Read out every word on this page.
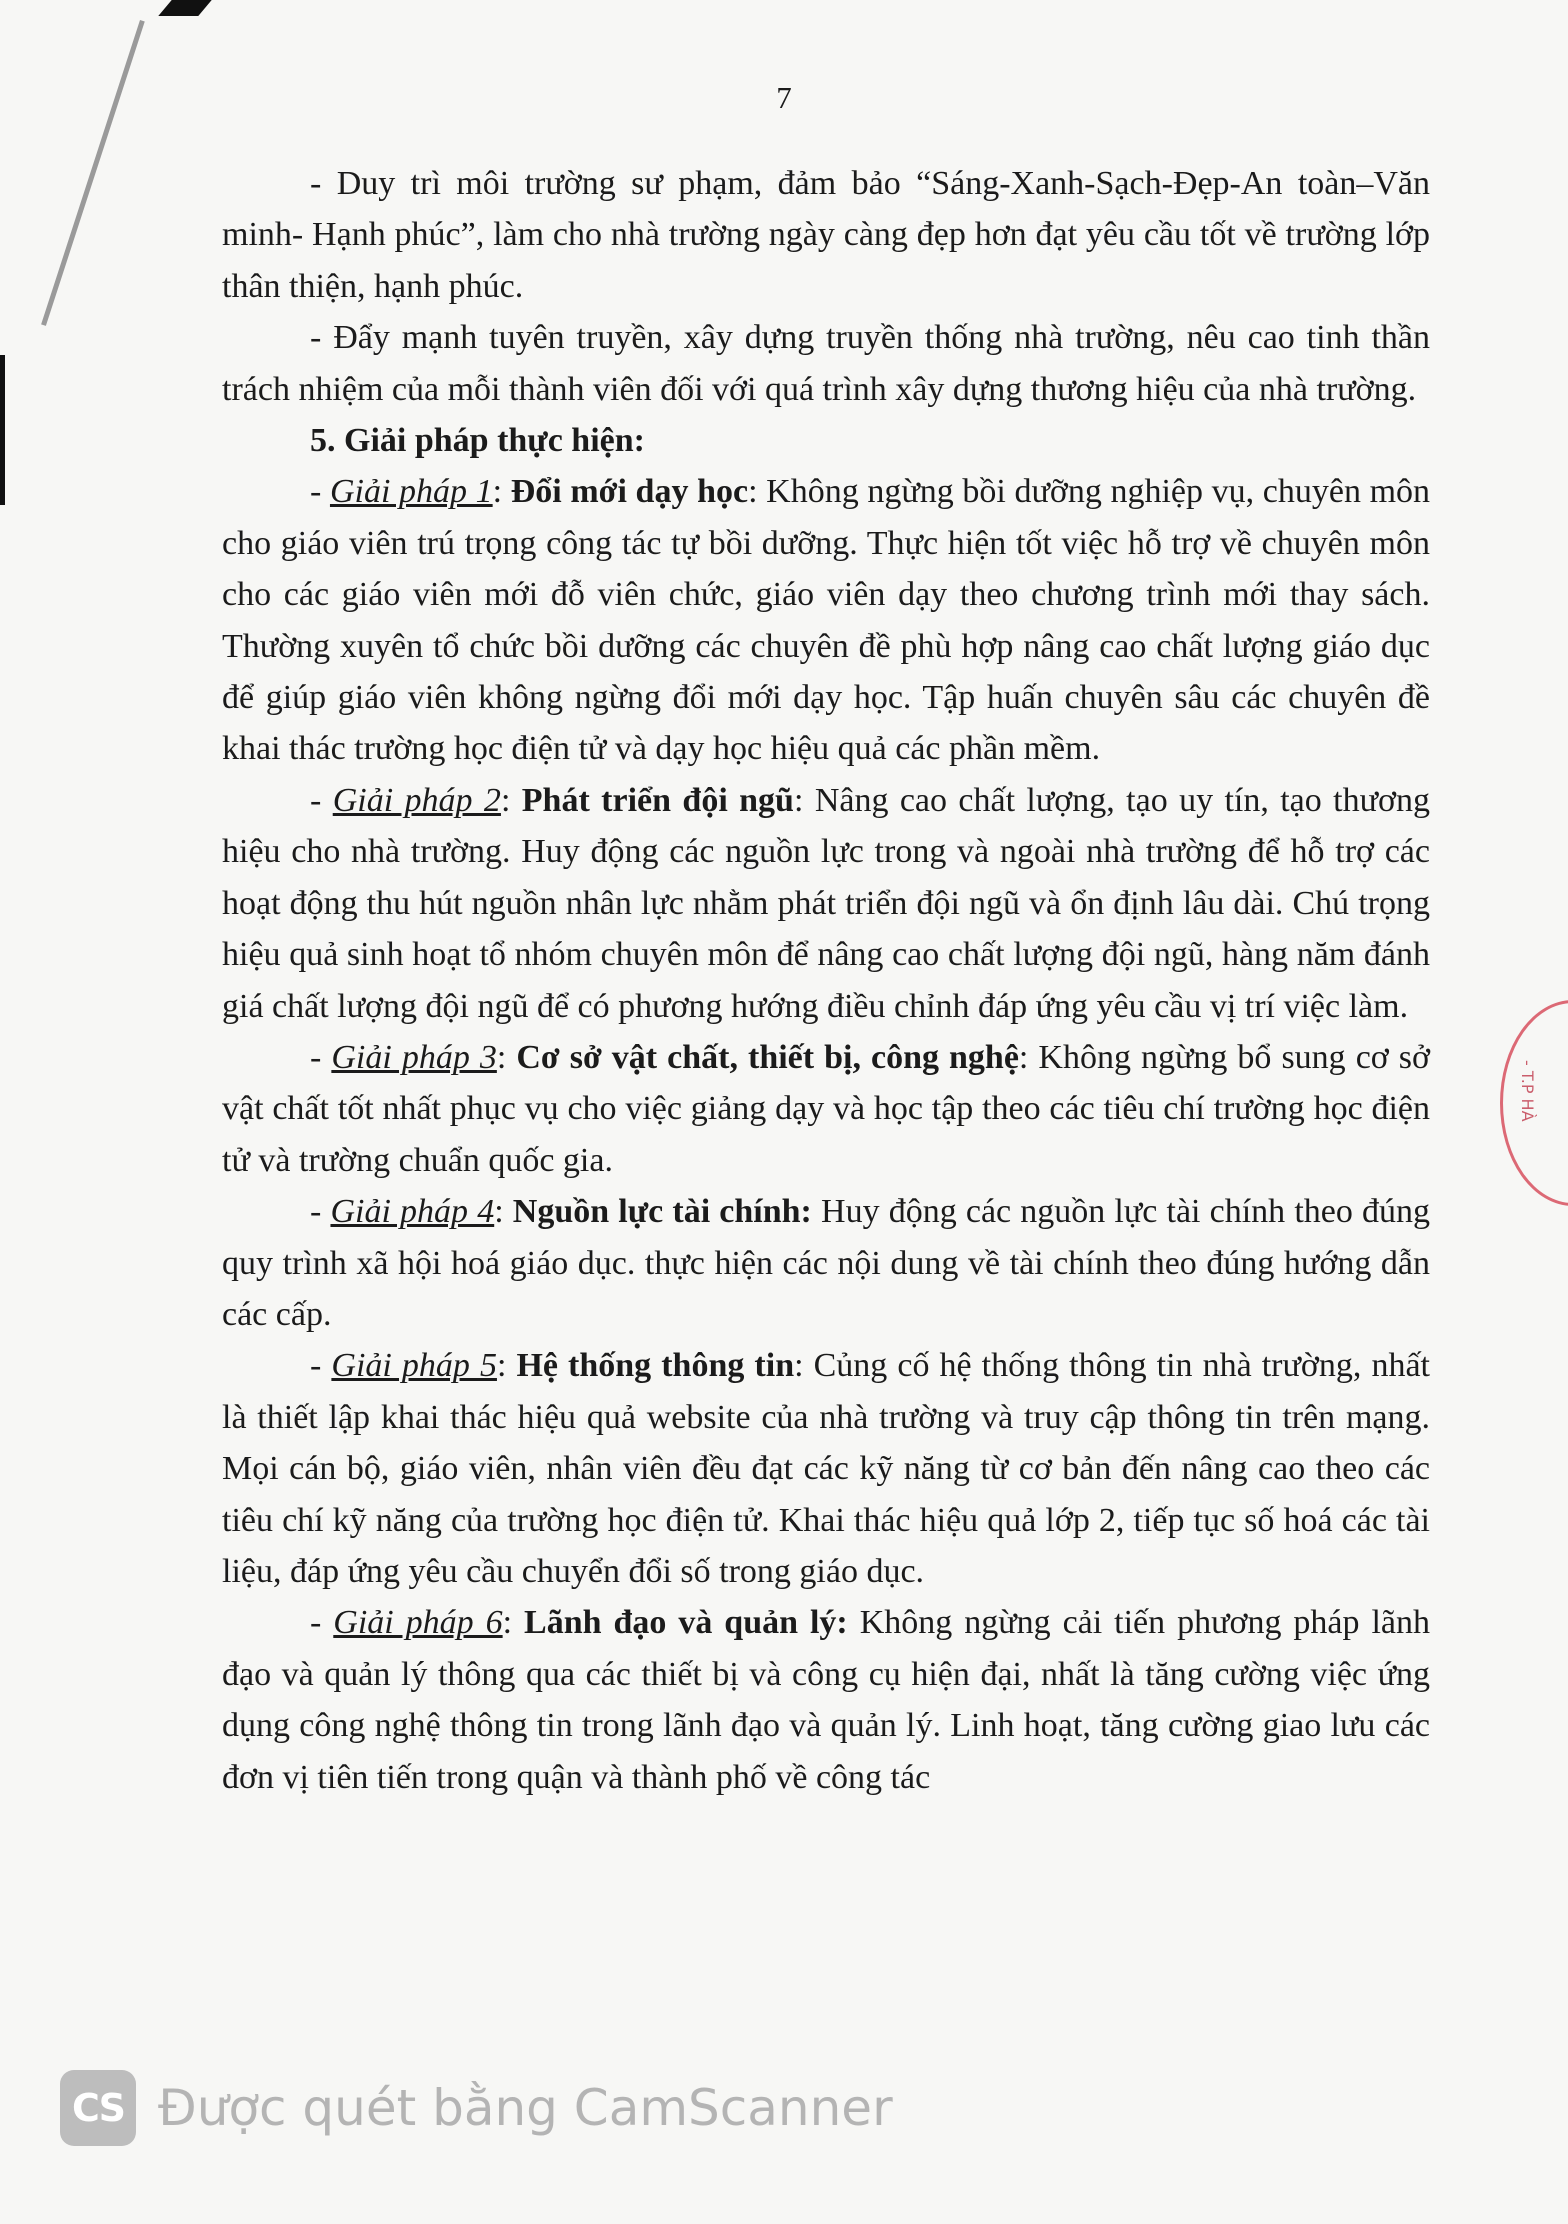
7

- Duy trì môi trường sư phạm, đảm bảo “Sáng-Xanh-Sạch-Đẹp-An toàn–Văn minh- Hạnh phúc”, làm cho nhà trường ngày càng đẹp hơn đạt yêu cầu tốt về trường lớp thân thiện, hạnh phúc.

- Đẩy mạnh tuyên truyền, xây dựng truyền thống nhà trường, nêu cao tinh thần trách nhiệm của mỗi thành viên đối với quá trình xây dựng thương hiệu của nhà trường.

5. Giải pháp thực hiện:

- Giải pháp 1: Đổi mới dạy học: Không ngừng bồi dưỡng nghiệp vụ, chuyên môn cho giáo viên trú trọng công tác tự bồi dưỡng. Thực hiện tốt việc hỗ trợ về chuyên môn cho các giáo viên mới đỗ viên chức, giáo viên dạy theo chương trình mới thay sách. Thường xuyên tổ chức bồi dưỡng các chuyên đề phù hợp nâng cao chất lượng giáo dục để giúp giáo viên không ngừng đổi mới dạy học. Tập huấn chuyên sâu các chuyên đề khai thác trường học điện tử và dạy học hiệu quả các phần mềm.

- Giải pháp 2: Phát triển đội ngũ: Nâng cao chất lượng, tạo uy tín, tạo thương hiệu cho nhà trường. Huy động các nguồn lực trong và ngoài nhà trường để hỗ trợ các hoạt động thu hút nguồn nhân lực nhằm phát triển đội ngũ và ổn định lâu dài. Chú trọng hiệu quả sinh hoạt tổ nhóm chuyên môn để nâng cao chất lượng đội ngũ, hàng năm đánh giá chất lượng đội ngũ để có phương hướng điều chỉnh đáp ứng yêu cầu vị trí việc làm.

- Giải pháp 3: Cơ sở vật chất, thiết bị, công nghệ: Không ngừng bổ sung cơ sở vật chất tốt nhất phục vụ cho việc giảng dạy và học tập theo các tiêu chí trường học điện tử và trường chuẩn quốc gia.

- Giải pháp 4: Nguồn lực tài chính: Huy động các nguồn lực tài chính theo đúng quy trình xã hội hoá giáo dục. thực hiện các nội dung về tài chính theo đúng hướng dẫn các cấp.

- Giải pháp 5: Hệ thống thông tin: Củng cố hệ thống thông tin nhà trường, nhất là thiết lập khai thác hiệu quả website của nhà trường và truy cập thông tin trên mạng. Mọi cán bộ, giáo viên, nhân viên đều đạt các kỹ năng từ cơ bản đến nâng cao theo các tiêu chí kỹ năng của trường học điện tử. Khai thác hiệu quả lớp 2, tiếp tục số hoá các tài liệu, đáp ứng yêu cầu chuyển đổi số trong giáo dục.

- Giải pháp 6: Lãnh đạo và quản lý: Không ngừng cải tiến phương pháp lãnh đạo và quản lý thông qua các thiết bị và công cụ hiện đại, nhất là tăng cường việc ứng dụng công nghệ thông tin trong lãnh đạo và quản lý. Linh hoạt, tăng cường giao lưu các đơn vị tiên tiến trong quận và thành phố về công tác

- T.P HÀ
CS Được quét bằng CamScanner
